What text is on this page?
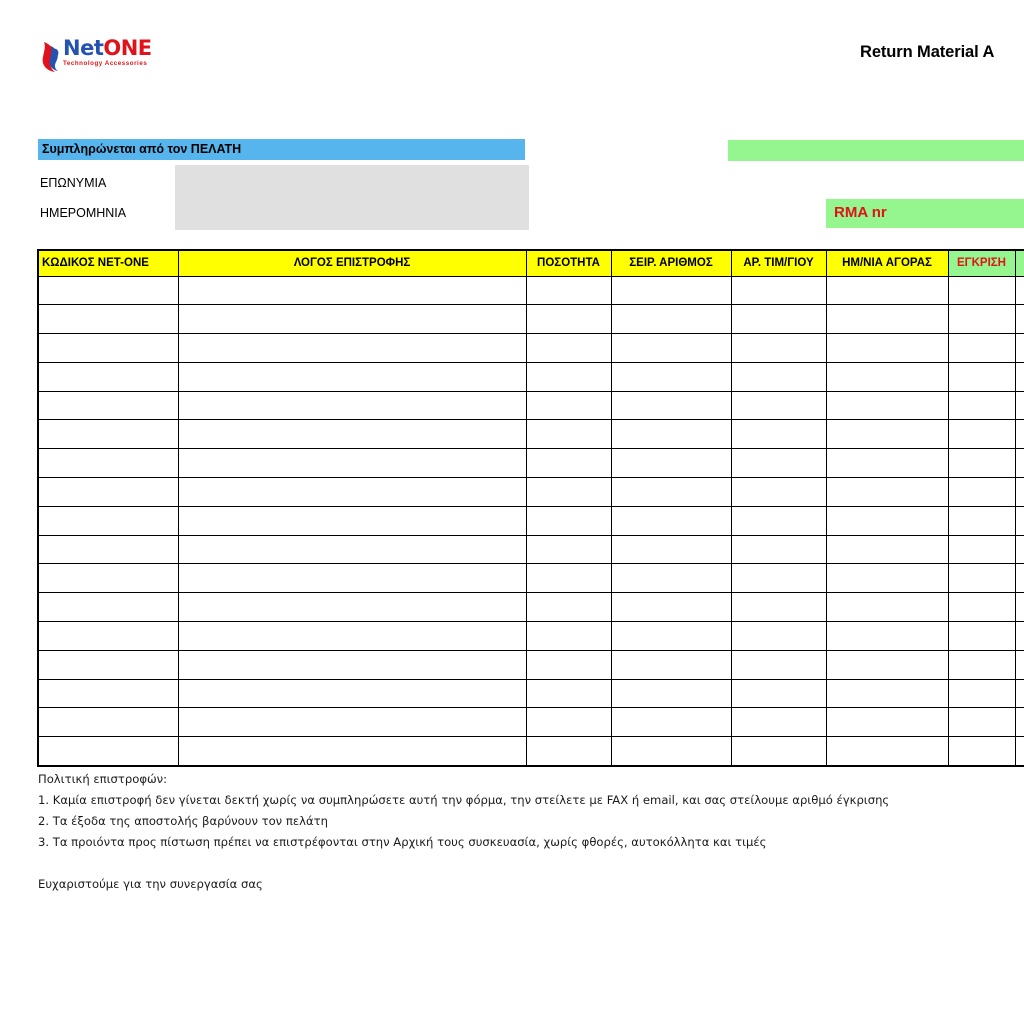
NetONE
Technology Accessories
Return Material A
Συμπληρώνεται από τον ΠΕΛΑΤΗ
ΕΠΩΝΥΜΙΑ
ΗΜΕΡΟΜΗΝΙΑ	RMA nr
ΚΩΔΙΚΟΣ NET-ONE	ΛΟΓΟΣ ΕΠΙΣΤΡΟΦΗΣ	ΠΟΣΟΤΗΤΑ	ΣΕΙΡ. ΑΡΙΘΜΟΣ	ΑΡ. ΤΙΜ/ΓΙΟΥ	ΗΜ/ΝΙΑ ΑΓΟΡΑΣ	ΕΓΚΡΙΣΗ	

Πολιτική επιστροφών:
1. Καμία επιστροφή δεν γίνεται δεκτή χωρίς να συμπληρώσετε αυτή την φόρμα, την στείλετε με FAX ή email, και σας στείλουμε αριθμό έγκρισης
2. Τα έξοδα της αποστολής βαρύνουν τον πελάτη
3. Τα προιόντα προς πίστωση πρέπει να επιστρέφονται στην Αρχική τους συσκευασία, χωρίς φθορές, αυτοκόλλητα και τιμές
Ευχαριστούμε για την συνεργασία σας
